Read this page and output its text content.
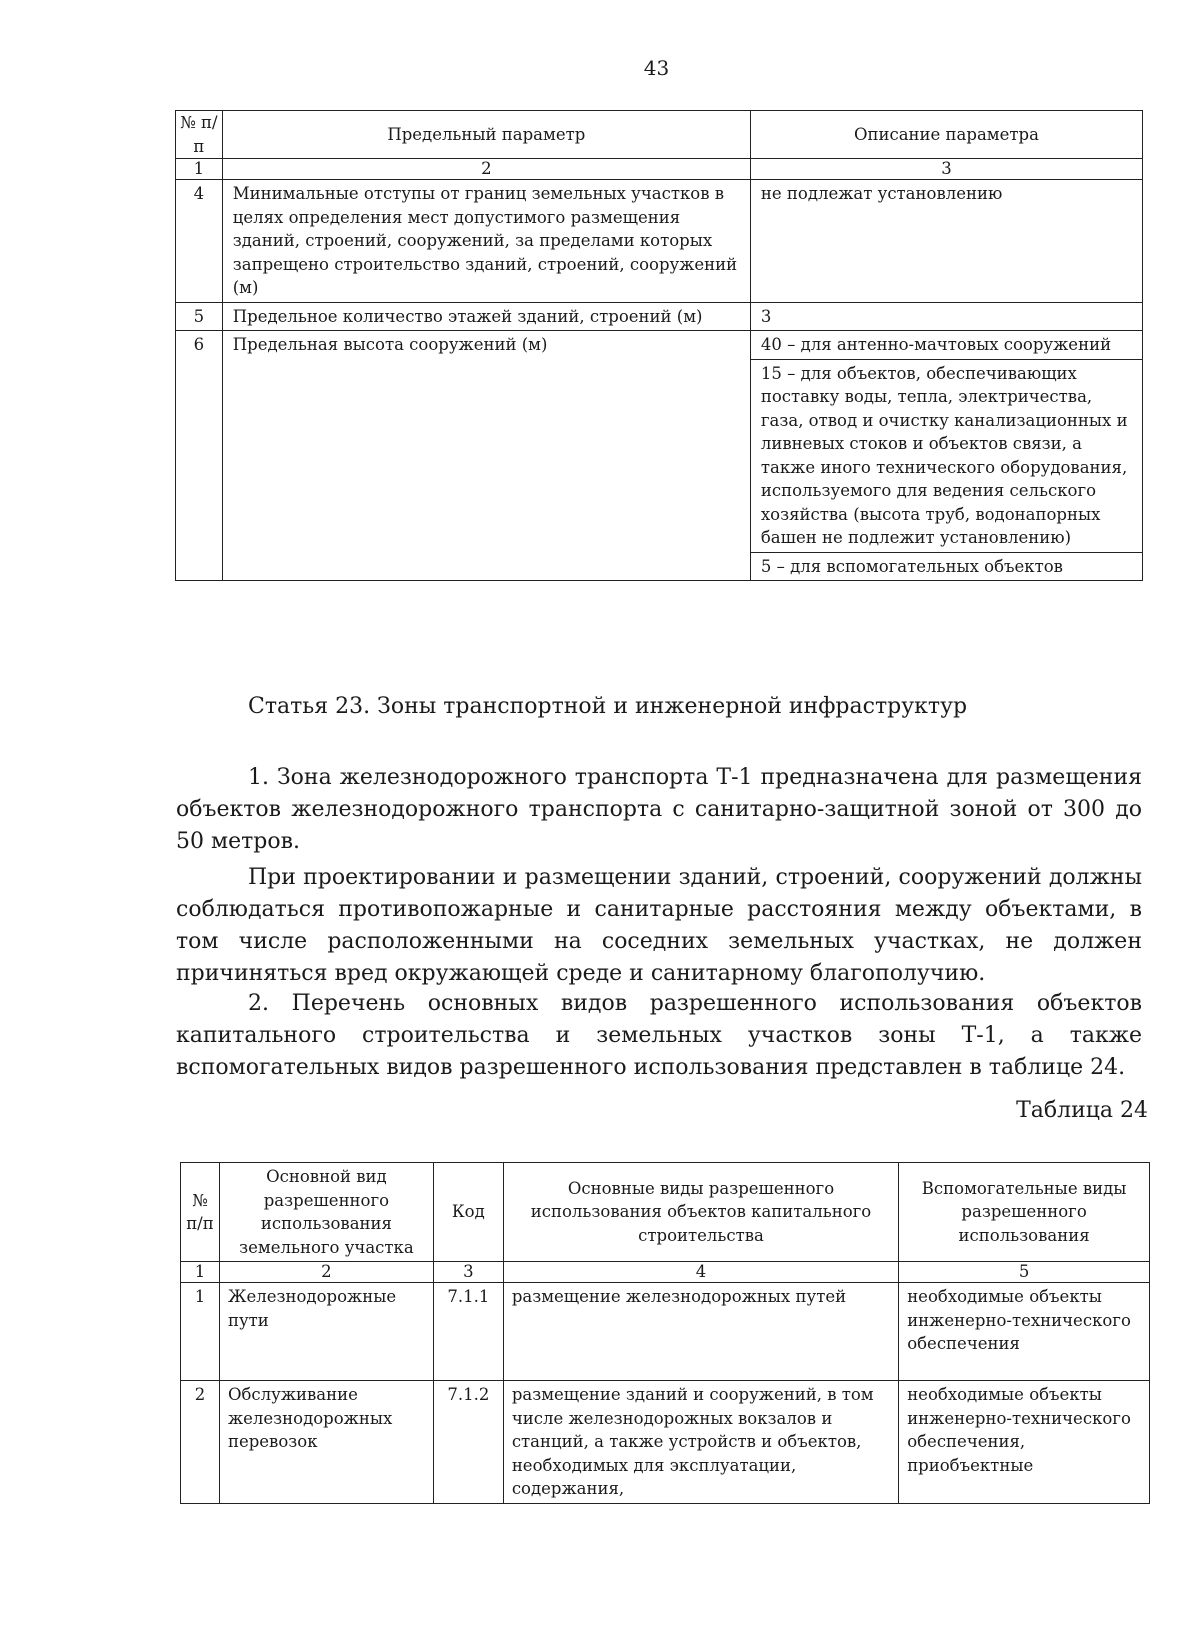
43
№ п/п	Предельный параметр	Описание параметра
1	2	3
4	Минимальные отступы от границ земельных участков в целях определения мест допустимого размещения зданий, строений, сооружений, за пределами которых запрещено строительство зданий, строений, сооружений (м)	не подлежат установлению
5	Предельное количество этажей зданий, строений (м)	3
6	Предельная высота сооружений (м)	40 – для антенно-мачтовых сооружений
15 – для объектов, обеспечивающих поставку воды, тепла, электричества, газа, отвод и очистку канализационных и ливневых стоков и объектов связи, а также иного технического оборудования, используемого для ведения сельского хозяйства (высота труб, водонапорных башен не подлежит установлению)
5 – для вспомогательных объектов
Статья 23. Зоны транспортной и инженерной инфраструктур

1. Зона железнодорожного транспорта Т-1 предназначена для размещения объектов железнодорожного транспорта с санитарно-защитной зоной от 300 до 50 метров.

При проектировании и размещении зданий, строений, сооружений должны соблюдаться противопожарные и санитарные расстояния между объектами, в том числе расположенными на соседних земельных участках, не должен причиняться вред окружающей среде и санитарному благополучию.

2. Перечень основных видов разрешенного использования объектов капитального строительства и земельных участков зоны Т-1, а также вспомогательных видов разрешенного использования представлен в таблице 24.

Таблица 24
№ п/п	Основной вид разрешенного использования земельного участка	Код	Основные виды разрешенного использования объектов капитального строительства	Вспомогательные виды разрешенного использования
1	2	3	4	5
1	Железнодорожные пути	7.1.1	размещение железнодорожных путей	необходимые объекты инженерно-технического обеспечения
2	Обслуживание железнодорожных перевозок	7.1.2	размещение зданий и сооружений, в том числе железнодорожных вокзалов и станций, а также устройств и объектов, необходимых для эксплуатации, содержания,	необходимые объекты инженерно-технического обеспечения, приобъектные
